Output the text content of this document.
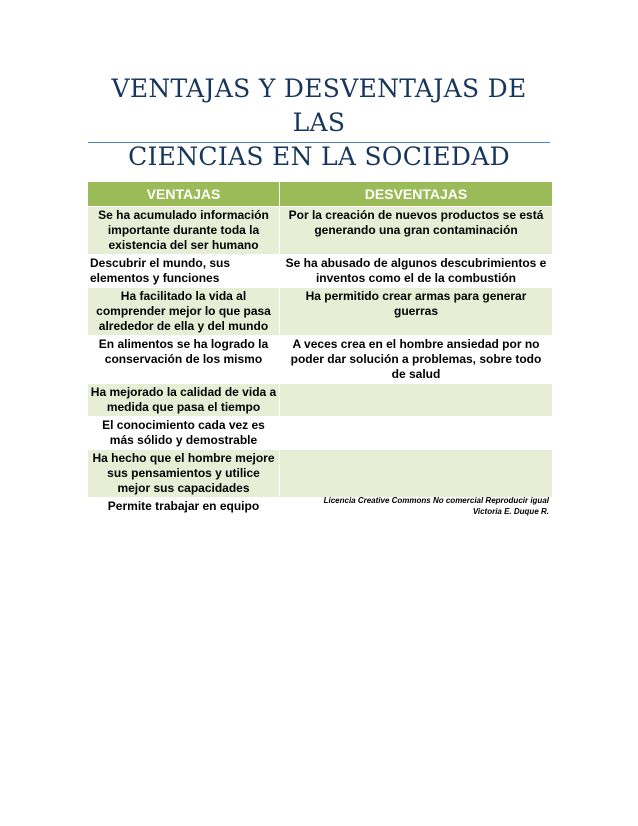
VENTAJAS Y DESVENTAJAS DE LAS
CIENCIAS EN LA SOCIEDAD
VENTAJAS	DESVENTAJAS
Se ha acumulado información importante durante toda la existencia del ser humano	Por la creación de nuevos productos se está generando una gran contaminación
Descubrir el mundo, sus elementos y funciones	Se ha abusado de algunos descubrimientos e inventos como el de la combustión
Ha facilitado la vida al comprender mejor lo que pasa alrededor de ella y del mundo	Ha permitido crear armas para generar guerras
En alimentos se ha logrado la conservación de los mismo	A veces crea en el hombre ansiedad por no poder dar solución a problemas, sobre todo de salud
Ha mejorado la calidad de vida a medida que pasa el tiempo	
El conocimiento cada vez es más sólido y demostrable	
Ha hecho que el hombre mejore sus pensamientos y utilice mejor sus capacidades	
Permite trabajar en equipo		Licencia Creative Commons No comercial Reproducir igual
Victoria E. Duque R.
